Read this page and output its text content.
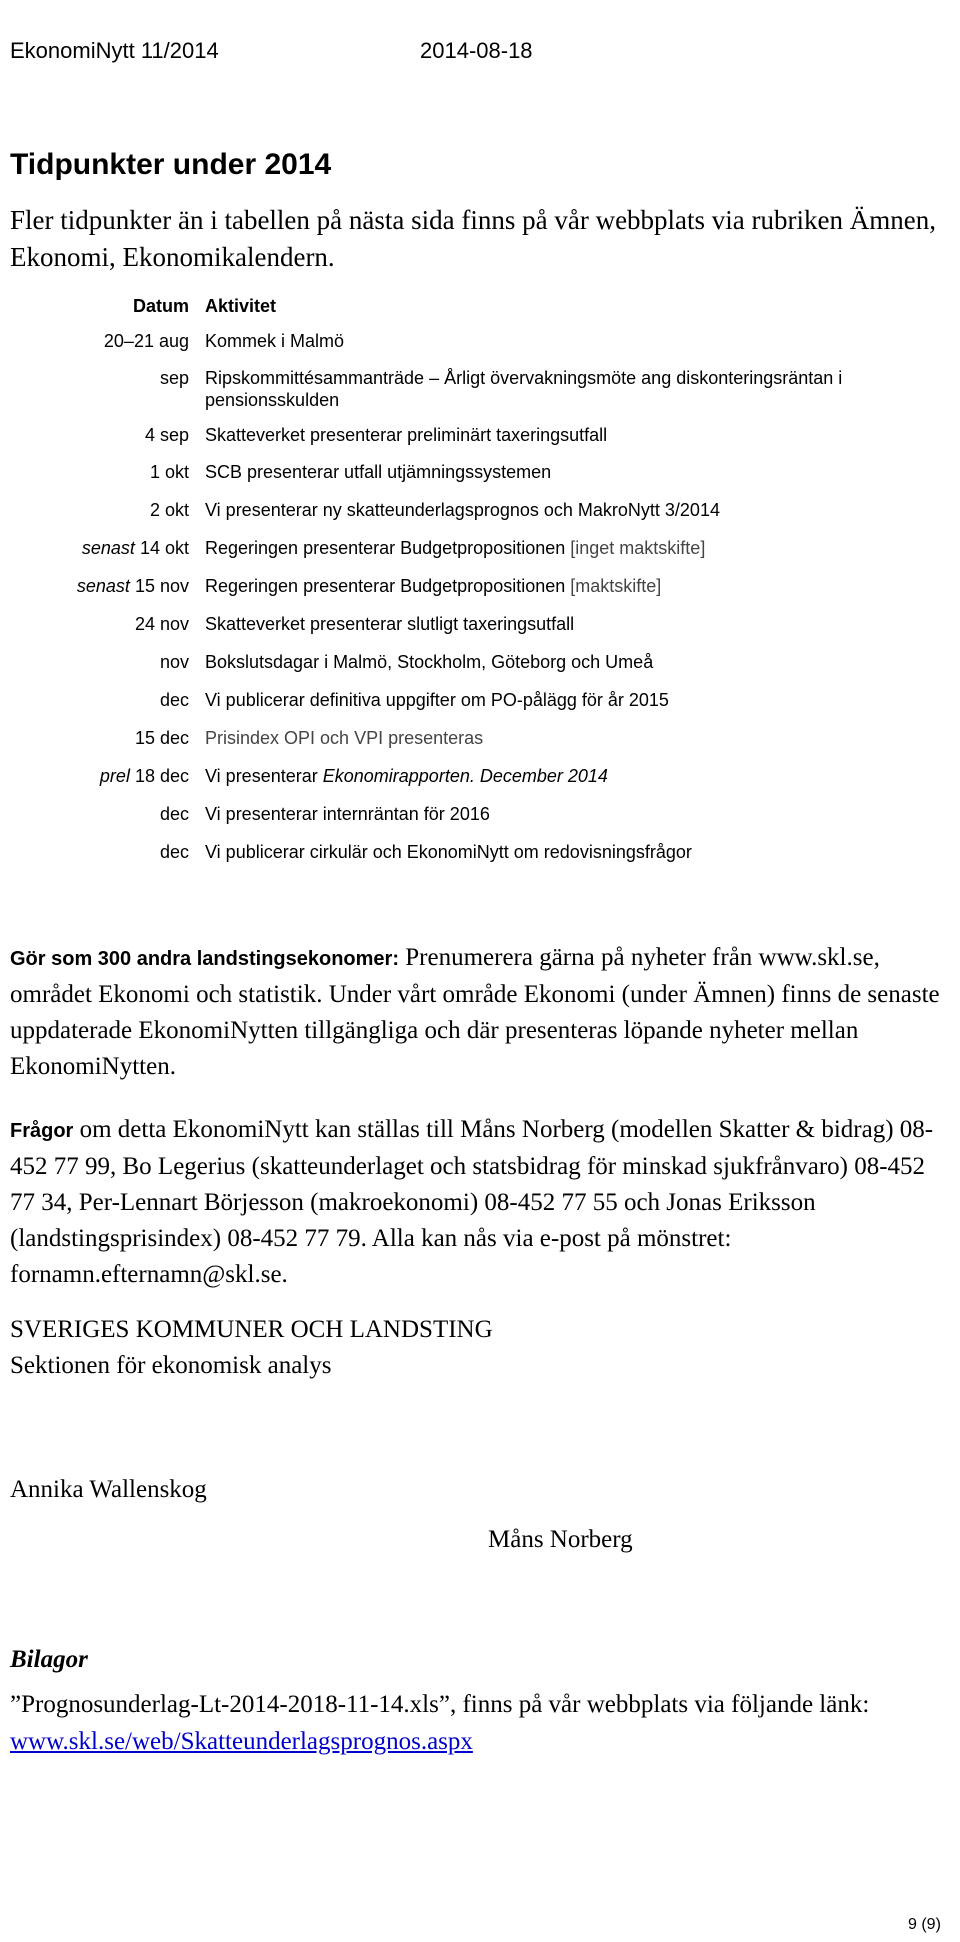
EkonomiNytt 11/2014	2014-08-18
Tidpunkter under 2014
Fler tidpunkter än i tabellen på nästa sida finns på vår webbplats via rubriken Ämnen, Ekonomi, Ekonomikalendern.
Datum Aktivitet
20–21 aug Kommek i Malmö
sep Ripskommittésammanträde – Årligt övervakningsmöte ang diskonteringsräntan i pensionsskulden
4 sep Skatteverket presenterar preliminärt taxeringsutfall
1 okt SCB presenterar utfall utjämningssystemen
2 okt Vi presenterar ny skatteunderlagsprognos och MakroNytt 3/2014
senast 14 okt Regeringen presenterar Budgetpropositionen [inget maktskifte]
senast 15 nov Regeringen presenterar Budgetpropositionen [maktskifte]
24 nov Skatteverket presenterar slutligt taxeringsutfall
nov Bokslutsdagar i Malmö, Stockholm, Göteborg och Umeå
dec Vi publicerar definitiva uppgifter om PO-pålägg för år 2015
15 dec Prisindex OPI och VPI presenteras
prel 18 dec Vi presenterar Ekonomirapporten. December 2014
dec Vi presenterar internräntan för 2016
dec Vi publicerar cirkulär och EkonomiNytt om redovisningsfrågor
Gör som 300 andra landstingsekonomer: Prenumerera gärna på nyheter från www.skl.se, området Ekonomi och statistik. Under vårt område Ekonomi (under Ämnen) finns de senaste uppdaterade EkonomiNytten tillgängliga och där presenteras löpande nyheter mellan EkonomiNytten.
Frågor om detta EkonomiNytt kan ställas till Måns Norberg (modellen Skatter & bidrag) 08-452 77 99, Bo Legerius (skatteunderlaget och statsbidrag för minskad sjukfrånvaro) 08-452 77 34, Per-Lennart Börjesson (makroekonomi) 08-452 77 55 och Jonas Eriksson (landstingsprisindex) 08-452 77 79. Alla kan nås via e-post på mönstret: fornamn.efternamn@skl.se.
SVERIGES KOMMUNER OCH LANDSTING
Sektionen för ekonomisk analys
Annika Wallenskog
Måns Norberg
Bilagor
”Prognosunderlag-Lt-2014-2018-11-14.xls”, finns på vår webbplats via följande länk: www.skl.se/web/Skatteunderlagsprognos.aspx
9 (9)
